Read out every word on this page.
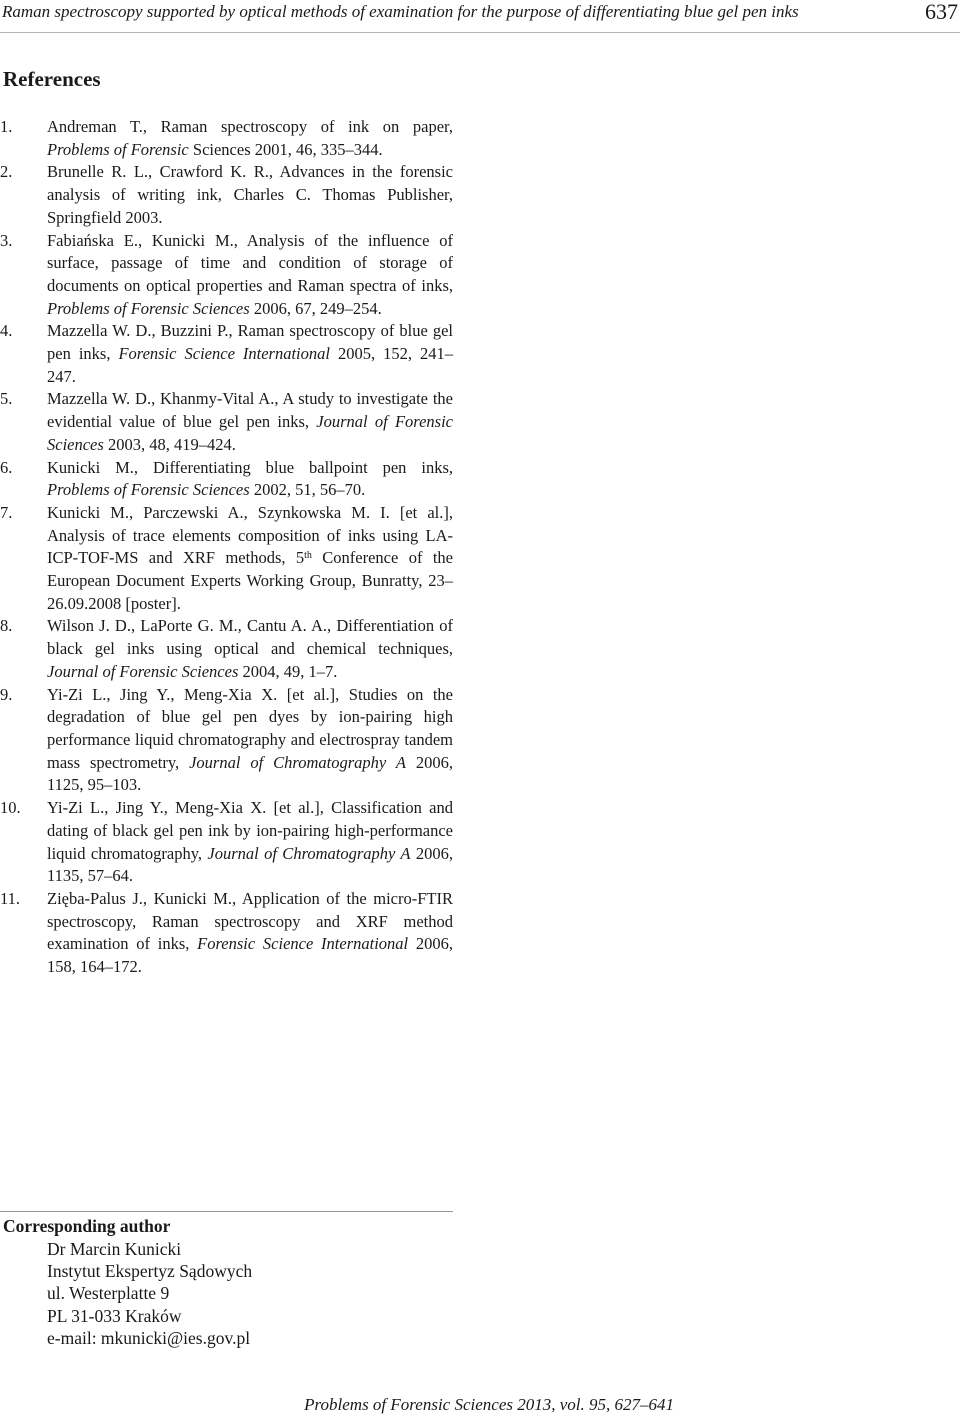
Raman spectroscopy supported by optical methods of examination for the purpose of differentiating blue gel pen inks	637
References
1.	Andreman T., Raman spectroscopy of ink on paper, Problems of Forensic Sciences 2001, 46, 335–344.
2.	Brunelle R. L., Crawford K. R., Advances in the forensic analysis of writing ink, Charles C. Thomas Publisher, Springfield 2003.
3.	Fabiańska E., Kunicki M., Analysis of the influence of surface, passage of time and condition of storage of documents on optical properties and Raman spectra of inks, Problems of Forensic Sciences 2006, 67, 249–254.
4.	Mazzella W. D., Buzzini P., Raman spectroscopy of blue gel pen inks, Forensic Science International 2005, 152, 241–247.
5.	Mazzella W. D., Khanmy-Vital A., A study to investigate the evidential value of blue gel pen inks, Journal of Forensic Sciences 2003, 48, 419–424.
6.	Kunicki M., Differentiating blue ballpoint pen inks, Problems of Forensic Sciences 2002, 51, 56–70.
7.	Kunicki M., Parczewski A., Szynkowska M. I. [et al.], Analysis of trace elements composition of inks using LA-ICP-TOF-MS and XRF methods, 5th Conference of the European Document Experts Working Group, Bunratty, 23–26.09.2008 [poster].
8.	Wilson J. D., LaPorte G. M., Cantu A. A., Differentiation of black gel inks using optical and chemical techniques, Journal of Forensic Sciences 2004, 49, 1–7.
9.	Yi-Zi L., Jing Y., Meng-Xia X. [et al.], Studies on the degradation of blue gel pen dyes by ion-pairing high performance liquid chromatography and electrospray tandem mass spectrometry, Journal of Chromatography A 2006, 1125, 95–103.
10.	Yi-Zi L., Jing Y., Meng-Xia X. [et al.], Classification and dating of black gel pen ink by ion-pairing high-performance liquid chromatography, Journal of Chromatography A 2006, 1135, 57–64.
11.	Zięba-Palus J., Kunicki M., Application of the micro-FTIR spectroscopy, Raman spectroscopy and XRF method examination of inks, Forensic Science International 2006, 158, 164–172.
Corresponding author
Dr Marcin Kunicki
Instytut Ekspertyz Sądowych
ul. Westerplatte 9
PL 31-033 Kraków
e-mail: mkunicki@ies.gov.pl
Problems of Forensic Sciences 2013, vol. 95, 627–641
